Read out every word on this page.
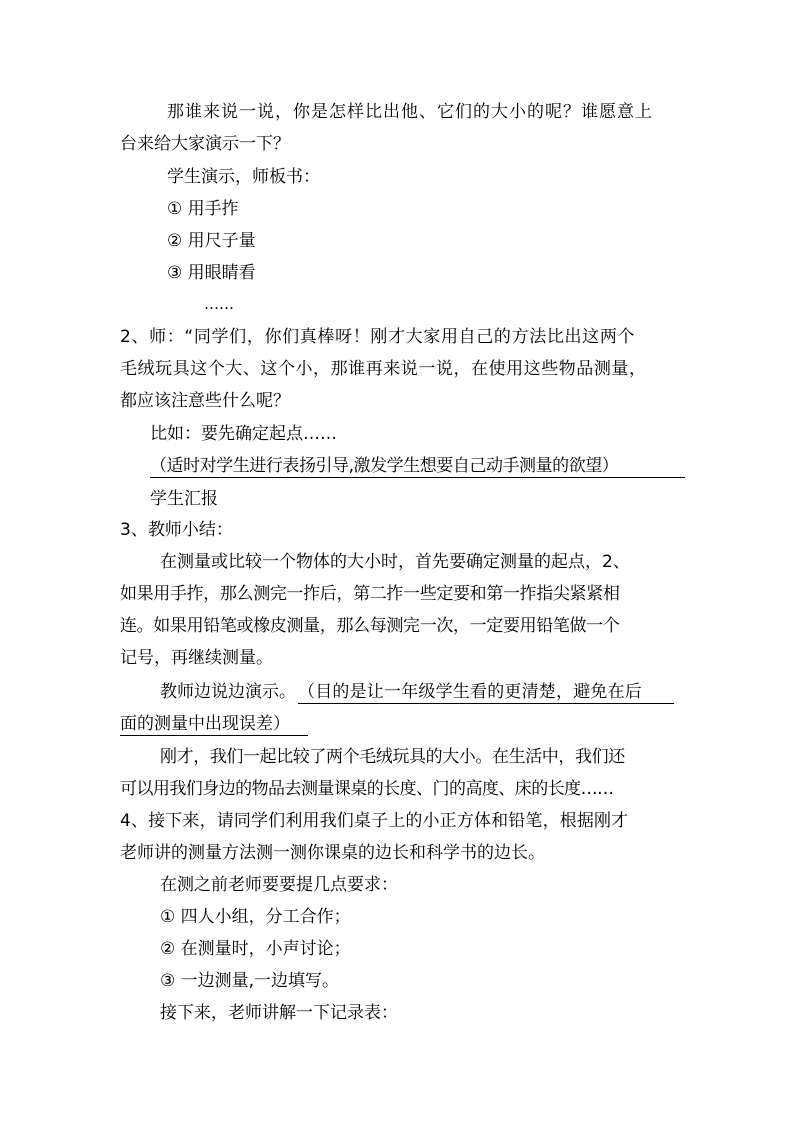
那谁来说一说，你是怎样比出他、它们的大小的呢？谁愿意上
台来给大家演示一下？
学生演示，师板书：
① 用手拃
② 用尺子量
③ 用眼睛看
……
2、师：“同学们，你们真棒呀！刚才大家用自己的方法比出这两个
毛绒玩具这个大、这个小，那谁再来说一说，在使用这些物品测量，
都应该注意些什么呢？
比如：要先确定起点……
（适时对学生进行表扬引导,激发学生想要自己动手测量的欲望）
学生汇报
3、教师小结：
在测量或比较一个物体的大小时，首先要确定测量的起点，2、
如果用手拃，那么测完一拃后，第二拃一些定要和第一拃指尖紧紧相
连。如果用铅笔或橡皮测量，那么每测完一次，一定要用铅笔做一个
记号，再继续测量。
教师边说边演示。 （目的是让一年级学生看的更清楚，避免在后
面的测量中出现误差）
刚才，我们一起比较了两个毛绒玩具的大小。在生活中，我们还
可以用我们身边的物品去测量课桌的长度、门的高度、床的长度……
4、接下来，请同学们利用我们桌子上的小正方体和铅笔，根据刚才
老师讲的测量方法测一测你课桌的边长和科学书的边长。
在测之前老师要要提几点要求：
① 四人小组，分工合作；
② 在测量时，小声讨论；
③ 一边测量,一边填写。
接下来，老师讲解一下记录表：
